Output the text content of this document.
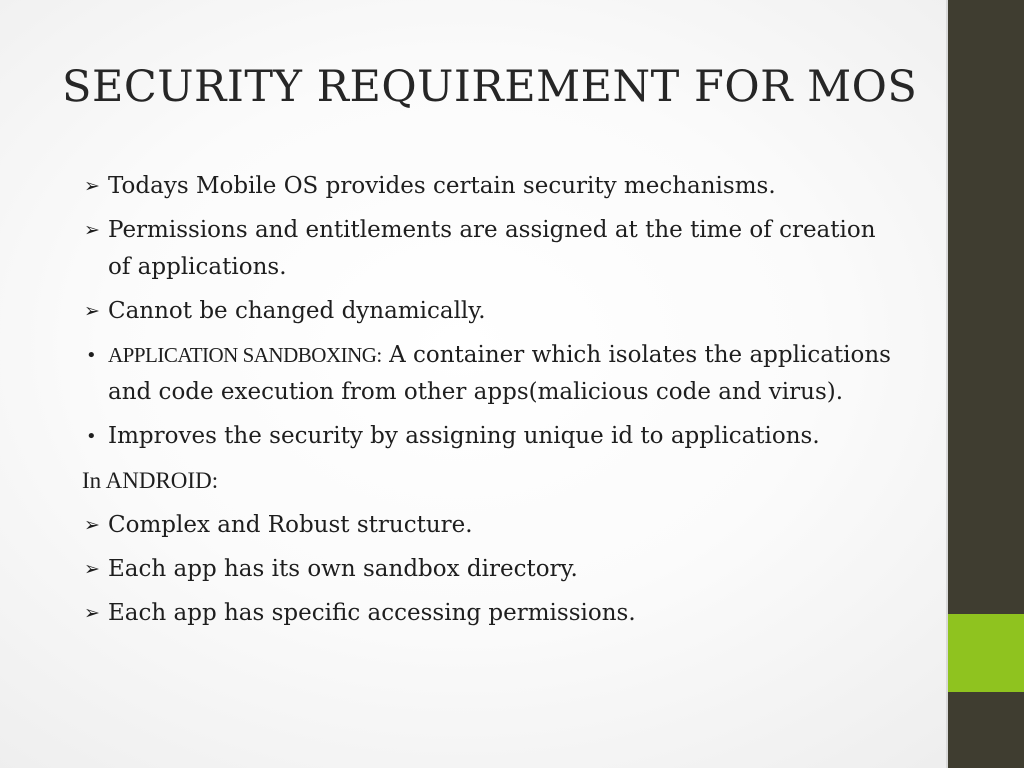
SECURITY REQUIREMENT FOR MOS
➢ Todays Mobile OS provides certain security mechanisms.
➢ Permissions and entitlements are assigned at the time of creation of applications.
➢ Cannot be changed dynamically.
• APPLICATION SANDBOXING: A container which isolates the applications and code execution from other apps(malicious code and virus).
• Improves the security by assigning unique id to applications.
In ANDROID:
➢ Complex and Robust structure.
➢ Each app has its own sandbox directory.
➢ Each app has specific accessing permissions.
